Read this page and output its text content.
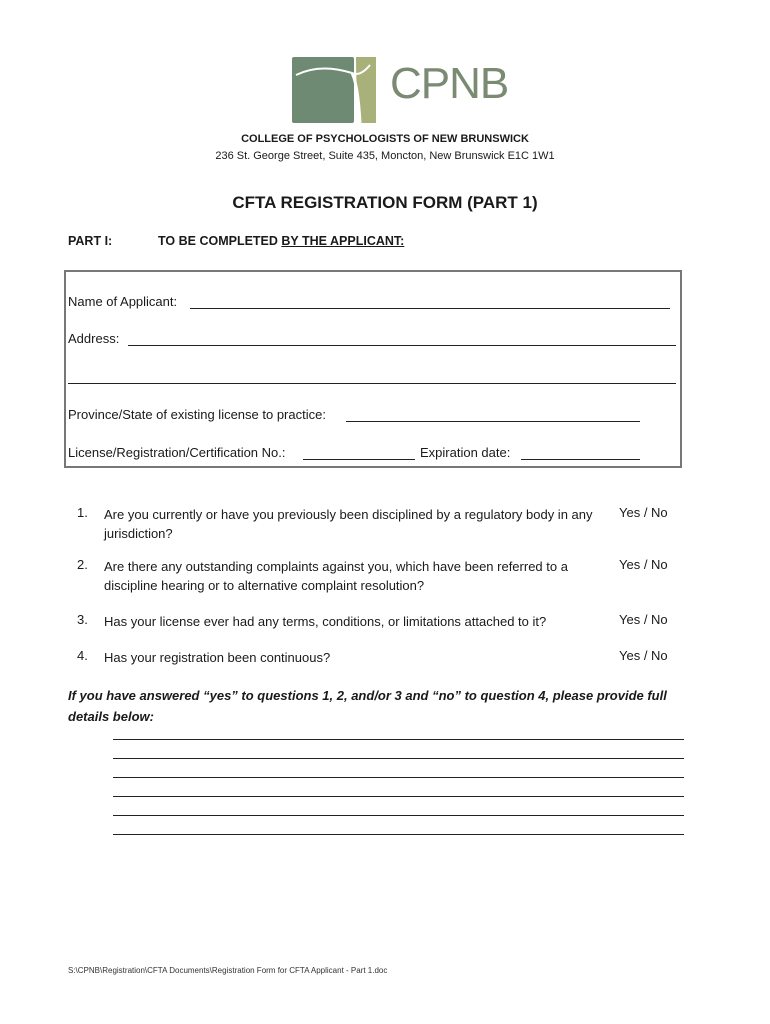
CPNB
COLLEGE OF PSYCHOLOGISTS OF NEW BRUNSWICK
236 St. George Street, Suite 435, Moncton, New Brunswick E1C 1W1
CFTA REGISTRATION FORM (PART 1)
PART I:	TO BE COMPLETED BY THE APPLICANT:
Name of Applicant:
Address:
Province/State of existing license to practice:
License/Registration/Certification No.:	Expiration date:
1. Are you currently or have you previously been disciplined by a regulatory body in any jurisdiction?
Yes / No
2. Are there any outstanding complaints against you, which have been referred to a discipline hearing or to alternative complaint resolution?
Yes / No
3. Has your license ever had any terms, conditions, or limitations attached to it?	Yes / No
4. Has your registration been continuous?	Yes / No
If you have answered “yes” to questions 1, 2, and/or 3 and “no” to question 4, please provide full details below:
S:\CPNB\Registration\CFTA Documents\Registration Form for CFTA Applicant - Part 1.doc
